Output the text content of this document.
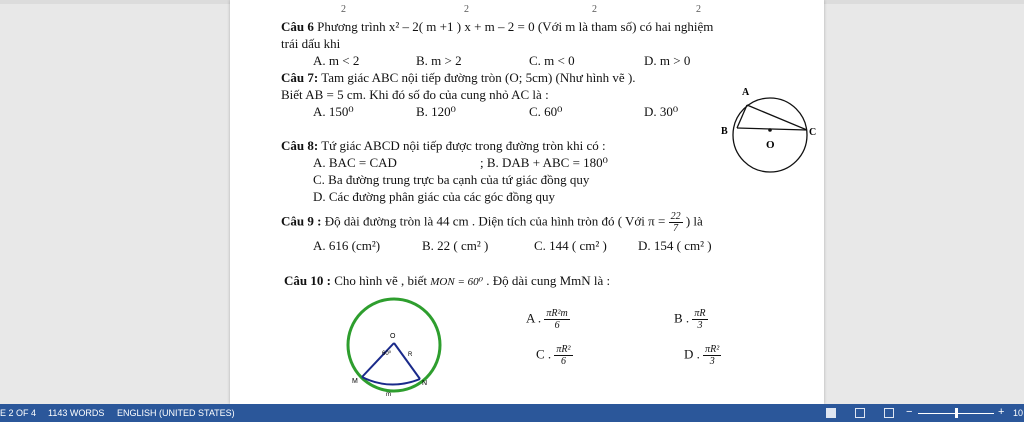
2	2	2	2
Câu 6 Phương trình x² – 2( m +1 ) x + m – 2 = 0 (Với m là tham số) có hai nghiệm
trái dấu khi
A. m < 2	B. m > 2	C. m < 0	D. m > 0
Câu 7: Tam giác ABC nội tiếp đường tròn (O; 5cm) (Như hình vẽ ).
Biết AB = 5 cm. Khi đó số đo của cung nhỏ AC là :
A. 150⁰	B. 120⁰	C. 60⁰	D. 30⁰
A
B	C
O
Câu 8: Tứ giác ABCD nội tiếp được trong đường tròn khi có :
A. BAC = CAD	; B. DAB + ABC = 180⁰
C. Ba đường trung trực ba cạnh của tứ giác đồng quy
D. Các đường phân giác của các góc đồng quy
Câu 9 : Độ dài đường tròn là 44 cm . Diện tích của hình tròn đó ( Với $\pi = \frac{22}{7}$ ) là
A. 616 (cm²)	B. 22 ( cm² )	C. 144 ( cm² ) D. 154 ( cm² )
Câu 10 : Cho hình vẽ , biết MON = 60⁰ . Độ dài cung MmN là :
A . $\frac{\text{πR²m}}{6}$	B . $\frac{\pi R}{3}$
C . $\frac{\text{πR²}}{6}$	D . $\frac{\text{πR²}}{3}$
O
60⁰	R
M	N
m
E 2 OF 4 1143 WORDS ENGLISH (UNITED STATES)	−	+ 10
